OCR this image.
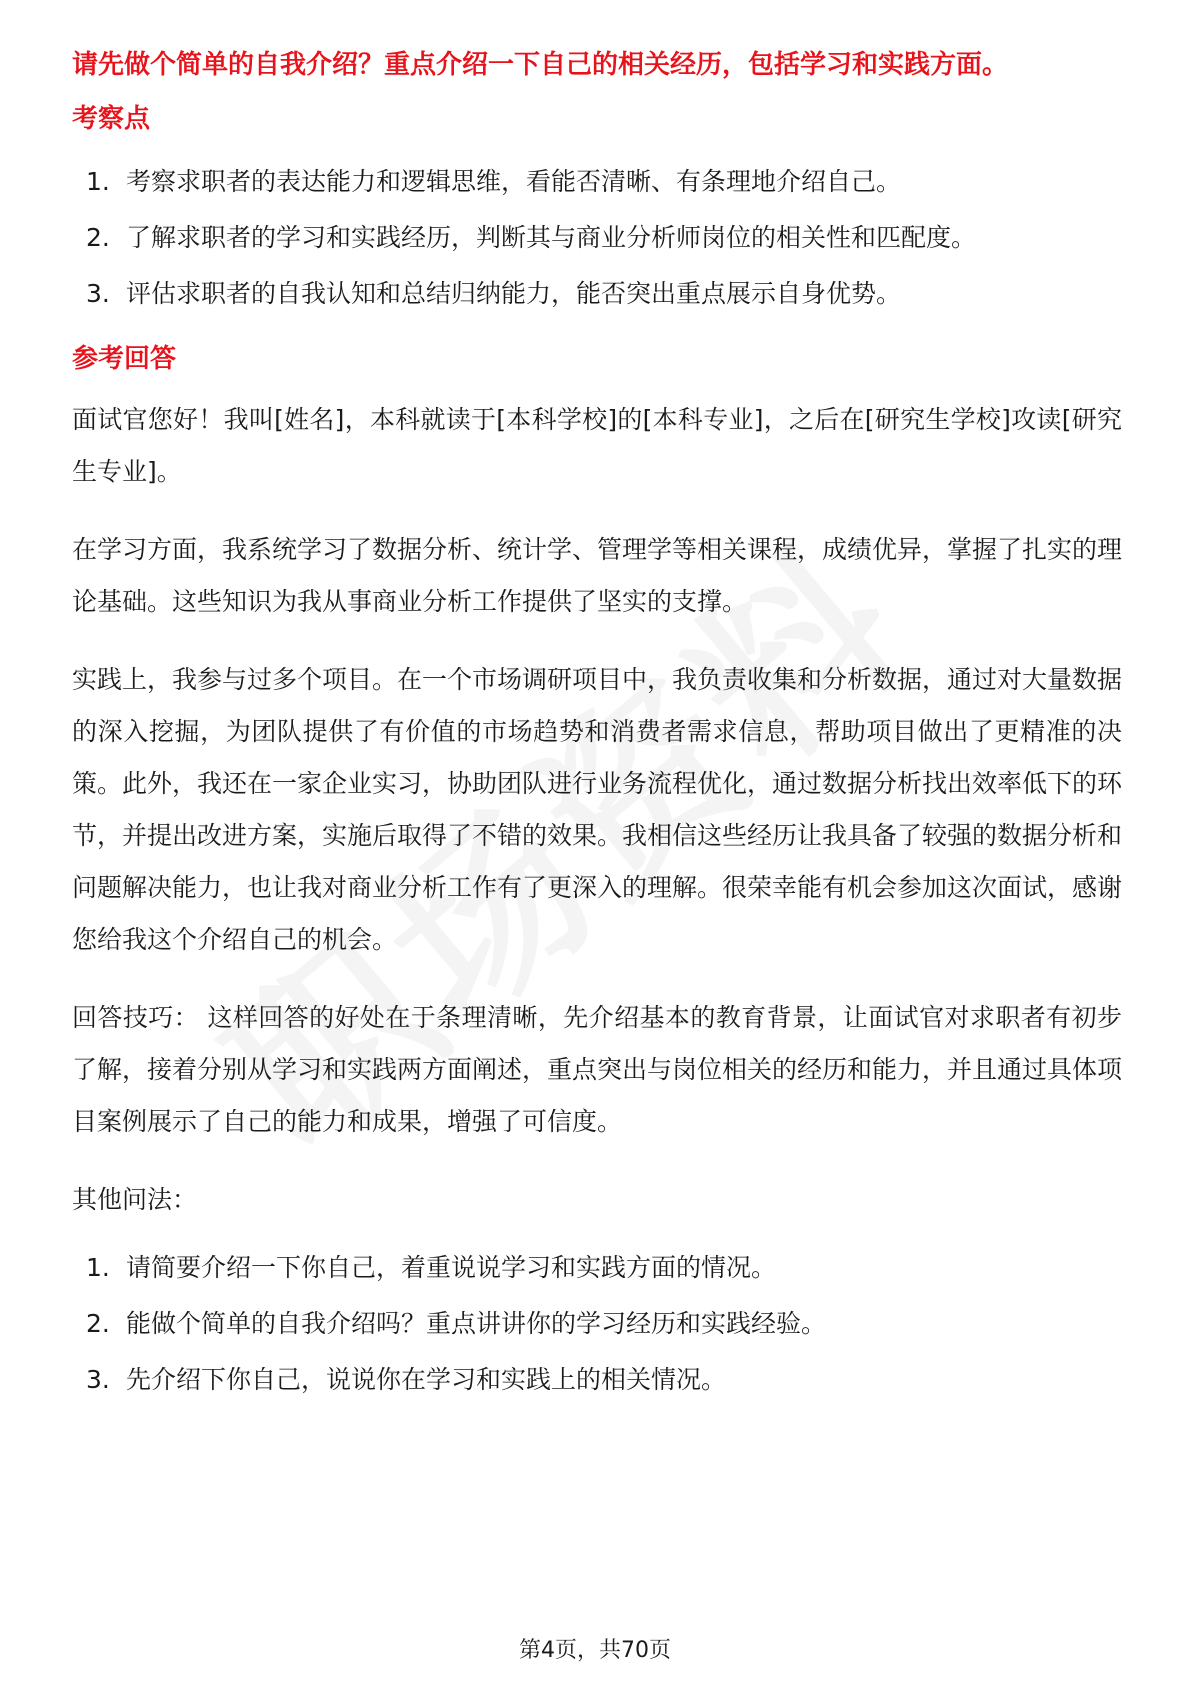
请先做个简单的自我介绍？重点介绍一下自己的相关经历，包括学习和实践方面。

考察点
1. 考察求职者的表达能力和逻辑思维，看能否清晰、有条理地介绍自己。
2. 了解求职者的学习和实践经历，判断其与商业分析师岗位的相关性和匹配度。
3. 评估求职者的自我认知和总结归纳能力，能否突出重点展示自身优势。
参考回答

面试官您好！我叫[姓名]，本科就读于[本科学校]的[本科专业]，之后在[研究生学校]攻读[研究生专业]。

在学习方面，我系统学习了数据分析、统计学、管理学等相关课程，成绩优异，掌握了扎实的理论基础。这些知识为我从事商业分析工作提供了坚实的支撑。

实践上，我参与过多个项目。在一个市场调研项目中，我负责收集和分析数据，通过对大量数据的深入挖掘，为团队提供了有价值的市场趋势和消费者需求信息，帮助项目做出了更精准的决策。此外，我还在一家企业实习，协助团队进行业务流程优化，通过数据分析找出效率低下的环节，并提出改进方案，实施后取得了不错的效果。我相信这些经历让我具备了较强的数据分析和问题解决能力，也让我对商业分析工作有了更深入的理解。很荣幸能有机会参加这次面试，感谢您给我这个介绍自己的机会。

回答技巧： 这样回答的好处在于条理清晰，先介绍基本的教育背景，让面试官对求职者有初步了解，接着分别从学习和实践两方面阐述，重点突出与岗位相关的经历和能力，并且通过具体项目案例展示了自己的能力和成果，增强了可信度。

其他问法：

1. 请简要介绍一下你自己，着重说说学习和实践方面的情况。
2. 能做个简单的自我介绍吗？重点讲讲你的学习经历和实践经验。
3. 先介绍下你自己，说说你在学习和实践上的相关情况。
第4页，共70页
